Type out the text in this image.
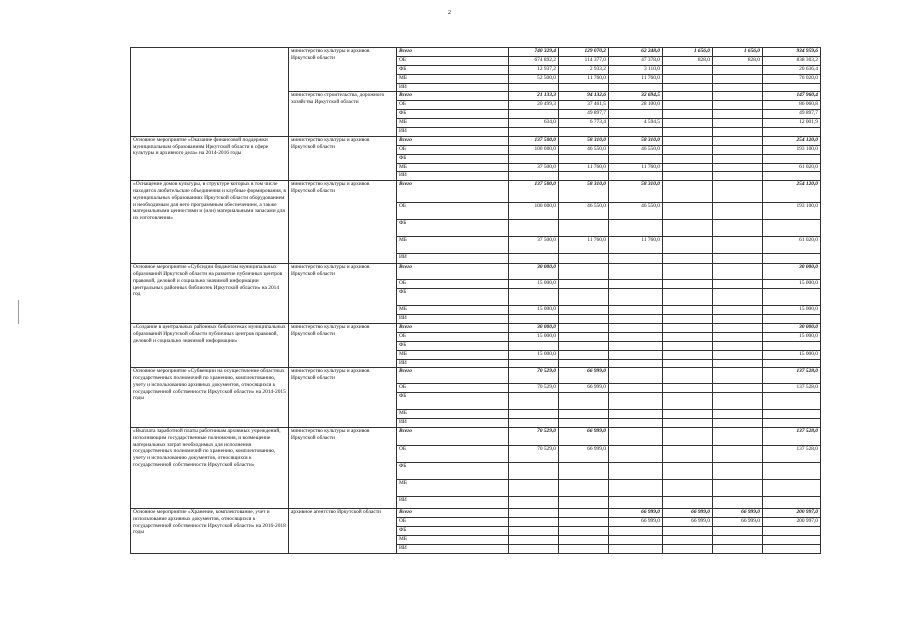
2
	министерство культуры и архивов Иркутской области	Всего	740 329,4	129 070,2	62 248,0	1 656,0	1 656,0	934 959,6
		ОБ	674 892,2	114 377,0	47 378,0	828,0	828,0	838 303,2
		ФБ	12 937,2	2 933,2	3 110,0			20 636,4
		МБ	52 500,0	11 760,0	11 760,0			76 020,0
		ИИ						
	министерство строительства, дорожного хозяйства Иркутской области	Всего	21 133,3	94 132,6	32 694,5			147 960,4
		ОБ	20 499,3	37 461,5	28 100,0			86 060,8
		ФБ		49 897,7				49 897,7
		МБ	634,0	6 773,4	4 594,5			12 001,9
		ИИ						
Основное мероприятие «Оказание финансовой поддержки муниципальным образованиям Иркутской области в сфере культуры и архивного дела» на 2014-2016 годы	министерство культуры и архивов Иркутской области	Всего	137 500,0	58 310,0	58 310,0			254 120,0
		ОБ	100 000,0	46 550,0	46 550,0			193 100,0
		ФБ						
		МБ	37 500,0	11 760,0	11 760,0			61 020,0
		ИИ						
«Оснащение домов культуры, в структуре которых в том числе находятся любительские объединения и клубные формирования, в муниципальных образованиях Иркутской области оборудованием и необходимым для него программным обеспечением, а также материальными ценностями и (или) материальными запасами для их изготовления»	министерство культуры и архивов Иркутской области	Всего	137 500,0	58 310,0	58 310,0			254 120,0
		ОБ	100 000,0	46 550,0	46 550,0			193 100,0
		ФБ						
		МБ	37 500,0	11 760,0	11 760,0			61 020,0
		ИИ						
Основное мероприятие «Субсидии бюджетам муниципальных образований Иркутской области на развитие публичных центров правовой, деловой и социально значимой информации центральных районных библиотек Иркутской области» на 2014 год	министерство культуры и архивов Иркутской области	Всего	30 000,0					30 000,0
		ОБ	15 000,0					15 000,0
		ФБ						
		МБ	15 000,0					15 000,0
		ИИ						
«Создание в центральных районных библиотеках муниципальных образований Иркутской области публичных центров правовой, деловой и социально значимой информации»	министерство культуры и архивов Иркутской области	Всего	30 000,0					30 000,0
		ОБ	15 000,0					15 000,0
		ФБ						
		МБ	15 000,0					15 000,0
		ИИ						
Основное мероприятие «Субвенции на осуществление областных государственных полномочий по хранению, комплектованию, учету и использованию архивных документов, относящихся к государственной собственности Иркутской области» на 2014-2015 годы	министерство культуры и архивов Иркутской области	Всего	70 529,0	66 999,0				137 528,0
		ОБ	70 529,0	66 999,0				137 528,0
		ФБ						
		МБ						
		ИИ						
«Выплата заработной платы работникам архивных учреждений, исполняющим государственные полномочия, и возмещение материальных затрат необходимых для исполнения государственных полномочий по хранению, комплектованию, учету и использованию документов, относящихся к государственной собственности Иркутской области»	министерство культуры и архивов Иркутской области	Всего	70 529,0	66 999,0				137 528,0
		ОБ	70 529,0	66 999,0				137 528,0
		ФБ						
		МБ						
		ИИ						
Основное мероприятие «Хранение, комплектование, учет и использование архивных документов, относящихся к государственной собственности Иркутской области» на 2016-2018 годы	архивное агентство Иркутской области	Всего			66 999,0	66 999,0	66 999,0	200 997,0
		ОБ			66 999,0	66 999,0	66 999,0	200 997,0
		ФБ						
		МБ						
		ИИ						
